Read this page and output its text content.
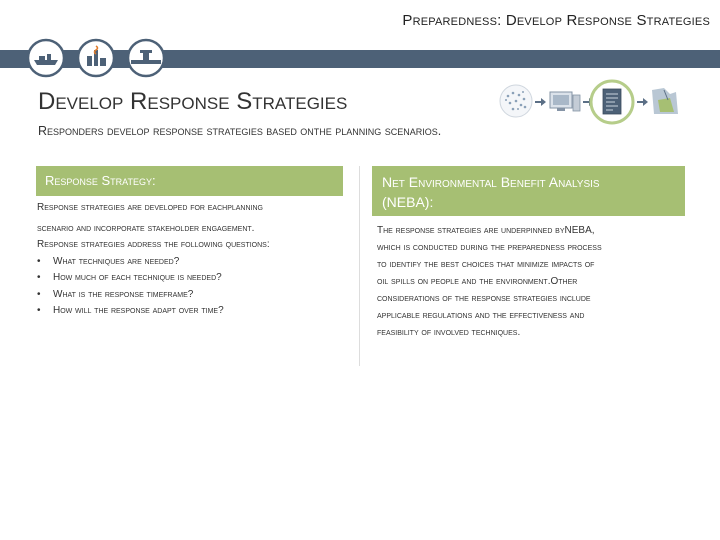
Preparedness: Develop Response Strategies
Develop Response Strategies
Responders develop response strategies based onthe planning scenarios.
Response Strategy:
Response strategies are developed for eachplanning
scenario and incorporate stakeholder engagement.
Response strategies address the following questions:
•	What techniques are needed?
•	How much of each technique is needed?
•	What is the response timeframe?
•	How will the response adapt over time?
Net Environmental Benefit Analysis
(NEBA):
The response strategies are underpinned byNEBA,
which is conducted during the preparedness process
to identify the best choices that minimize impacts of
oil spills on people and the environment.Other
considerations of the response strategies include
applicable regulations and the effectiveness and
feasibility of involved techniques.
